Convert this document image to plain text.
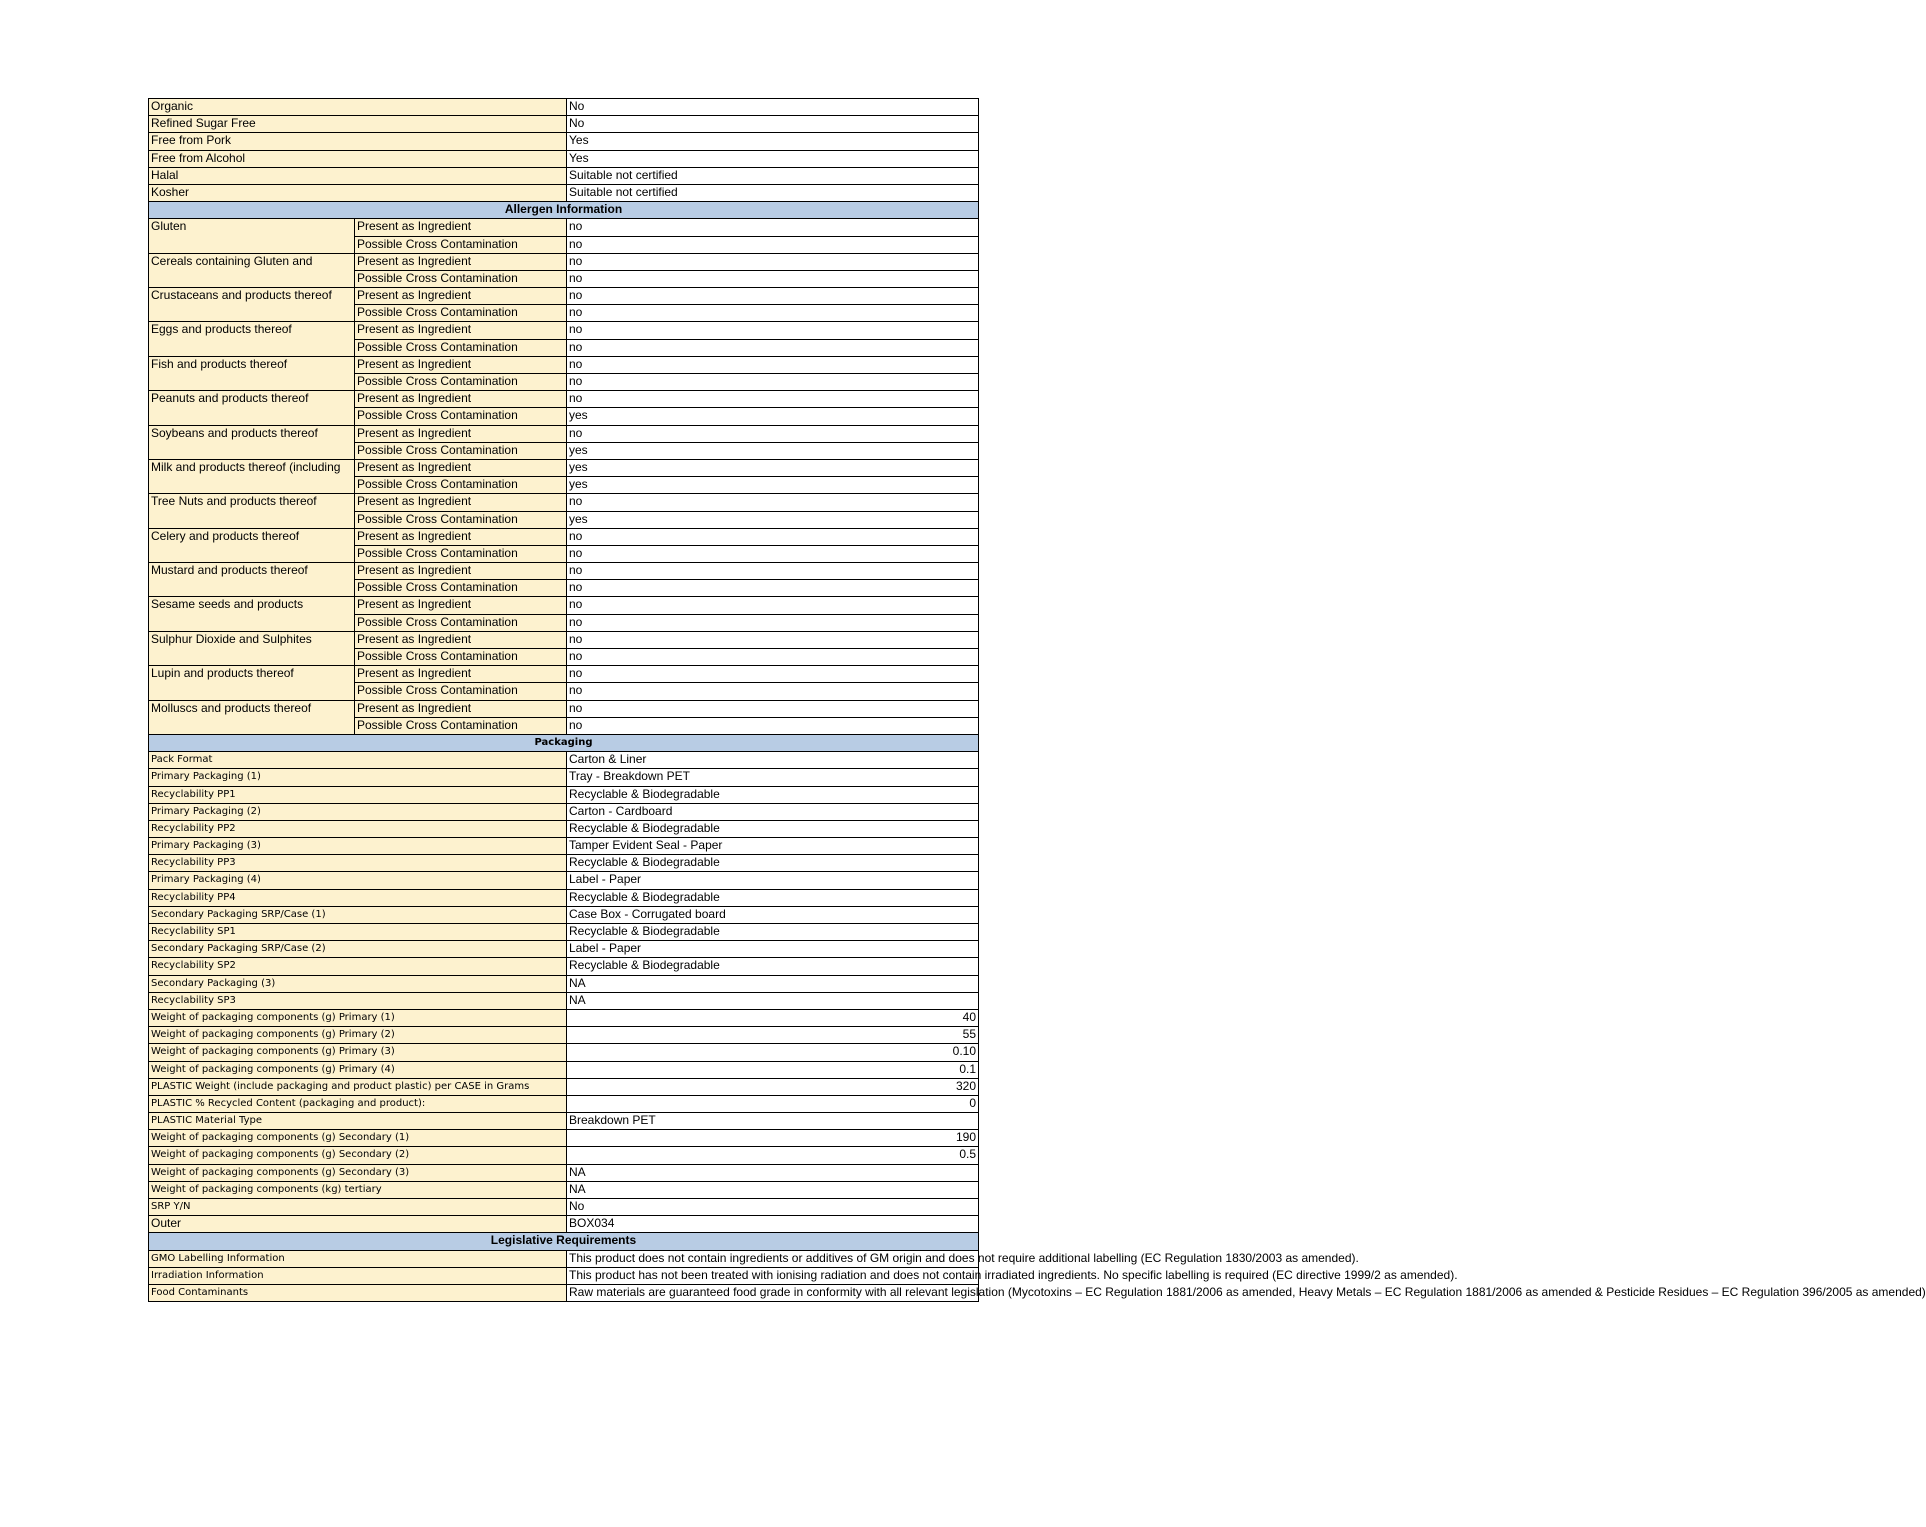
Organic		No
Refined Sugar Free		No
Free from Pork		Yes
Free from Alcohol		Yes
Halal		Suitable not certified
Kosher		Suitable not certified
Allergen Information		
Gluten	Present as Ingredient	no
	Possible Cross Contamination	no
Cereals containing Gluten and	Present as Ingredient	no
	Possible Cross Contamination	no
Crustaceans and products thereof	Present as Ingredient	no
	Possible Cross Contamination	no
Eggs and products thereof	Present as Ingredient	no
	Possible Cross Contamination	no
Fish and products thereof	Present as Ingredient	no
	Possible Cross Contamination	no
Peanuts and products thereof	Present as Ingredient	no
	Possible Cross Contamination	yes
Soybeans and products thereof	Present as Ingredient	no
	Possible Cross Contamination	yes
Milk and products thereof (including	Present as Ingredient	yes
	Possible Cross Contamination	yes
Tree Nuts and products thereof	Present as Ingredient	no
	Possible Cross Contamination	yes
Celery and products thereof	Present as Ingredient	no
	Possible Cross Contamination	no
Mustard and products thereof	Present as Ingredient	no
	Possible Cross Contamination	no
Sesame seeds and products	Present as Ingredient	no
	Possible Cross Contamination	no
Sulphur Dioxide and Sulphites	Present as Ingredient	no
	Possible Cross Contamination	no
Lupin and products thereof	Present as Ingredient	no
	Possible Cross Contamination	no
Molluscs and products thereof	Present as Ingredient	no
	Possible Cross Contamination	no
Packaging		
Pack Format		Carton & Liner
Primary Packaging (1)		Tray - Breakdown PET
Recyclability PP1		Recyclable & Biodegradable
Primary Packaging (2)		Carton - Cardboard
Recyclability PP2		Recyclable & Biodegradable
Primary Packaging (3)		Tamper Evident Seal - Paper
Recyclability PP3		Recyclable & Biodegradable
Primary Packaging (4)		Label - Paper
Recyclability PP4		Recyclable & Biodegradable
Secondary Packaging SRP/Case (1)		Case Box - Corrugated board
Recyclability SP1		Recyclable & Biodegradable
Secondary Packaging SRP/Case (2)		Label - Paper
Recyclability SP2		Recyclable & Biodegradable
Secondary Packaging (3)		NA
Recyclability SP3		NA
Weight of packaging components (g) Primary (1)		40
Weight of packaging components (g) Primary (2)		55
Weight of packaging components (g) Primary (3)		0.10
Weight of packaging components (g) Primary (4)		0.1
PLASTIC Weight (include packaging and product plastic) per CASE in Grams		320
PLASTIC % Recycled Content (packaging and product):		0
PLASTIC Material Type		Breakdown PET
Weight of packaging components (g) Secondary (1)		190
Weight of packaging components (g) Secondary (2)		0.5
Weight of packaging components (g) Secondary (3)		NA
Weight of packaging components (kg) tertiary		NA
SRP Y/N		No
Outer		BOX034
Legislative Requirements		
GMO Labelling Information		This product does not contain ingredients or additives of GM origin and does not require additional labelling (EC Regulation 1830/2003 as amended).
Irradiation Information		This product has not been treated with ionising radiation and does not contain irradiated ingredients. No specific labelling is required (EC directive 1999/2 as amended).
Food Contaminants		Raw materials are guaranteed food grade in conformity with all relevant legislation (Mycotoxins – EC Regulation 1881/2006 as amended, Heavy Metals – EC Regulation 1881/2006 as amended & Pesticide Residues – EC Regulation 396/2005 as amended)
